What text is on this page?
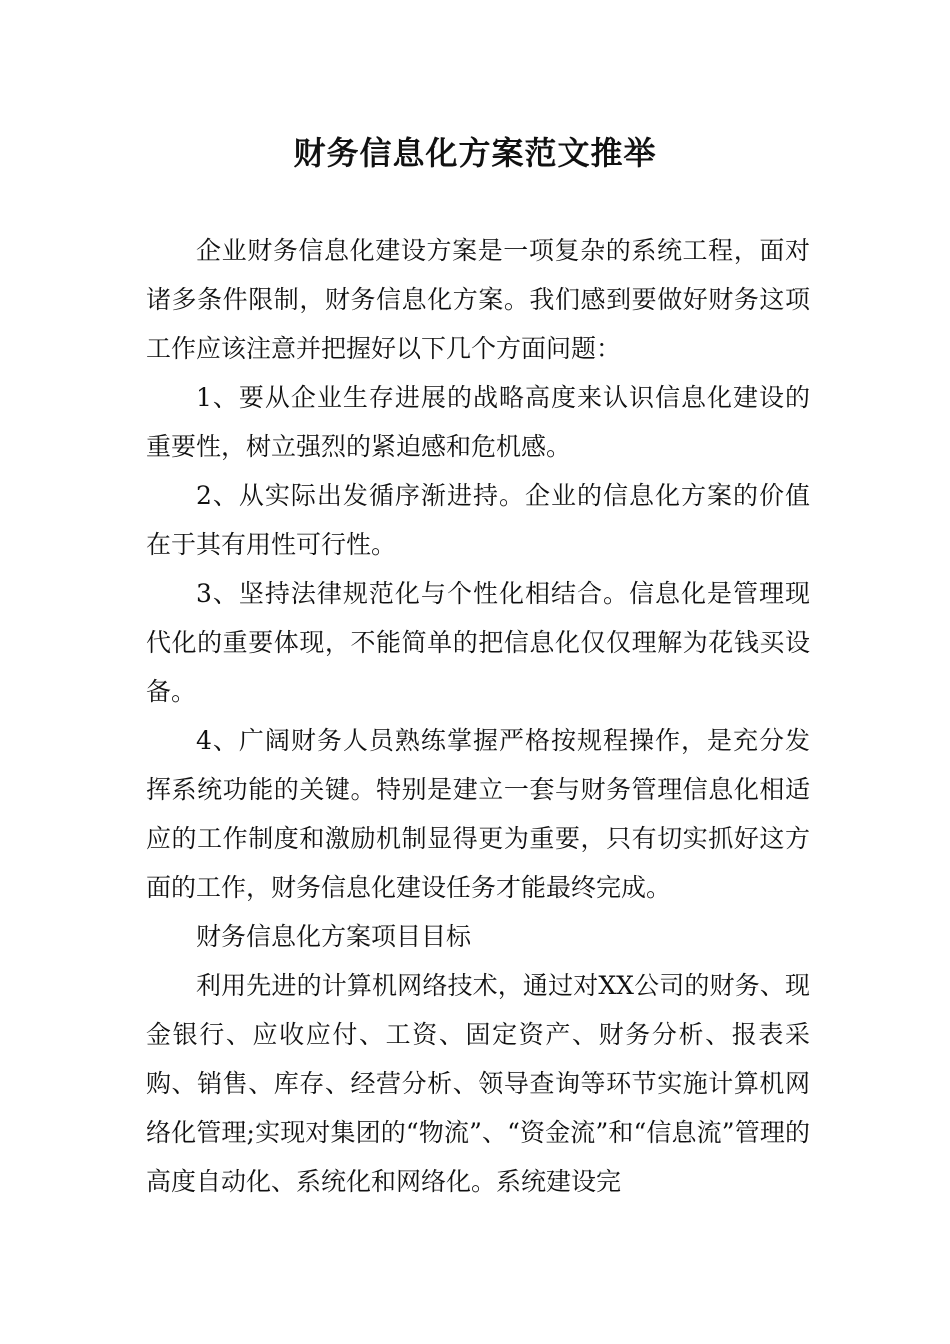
财务信息化方案范文推举

企业财务信息化建设方案是一项复杂的系统工程，面对诸多条件限制，财务信息化方案。我们感到要做好财务这项工作应该注意并把握好以下几个方面问题：

1、要从企业生存进展的战略高度来认识信息化建设的重要性，树立强烈的紧迫感和危机感。

2、从实际出发循序渐进持。企业的信息化方案的价值在于其有用性可行性。

3、坚持法律规范化与个性化相结合。信息化是管理现代化的重要体现，不能简单的把信息化仅仅理解为花钱买设备。

4、广阔财务人员熟练掌握严格按规程操作，是充分发挥系统功能的关键。特别是建立一套与财务管理信息化相适应的工作制度和激励机制显得更为重要，只有切实抓好这方面的工作，财务信息化建设任务才能最终完成。

财务信息化方案项目目标

利用先进的计算机网络技术，通过对XX公司的财务、现金银行、应收应付、工资、固定资产、财务分析、报表采购、销售、库存、经营分析、领导查询等环节实施计算机网络化管理;实现对集团的“物流”、“资金流”和“信息流”管理的高度自动化、系统化和网络化。系统建设完
